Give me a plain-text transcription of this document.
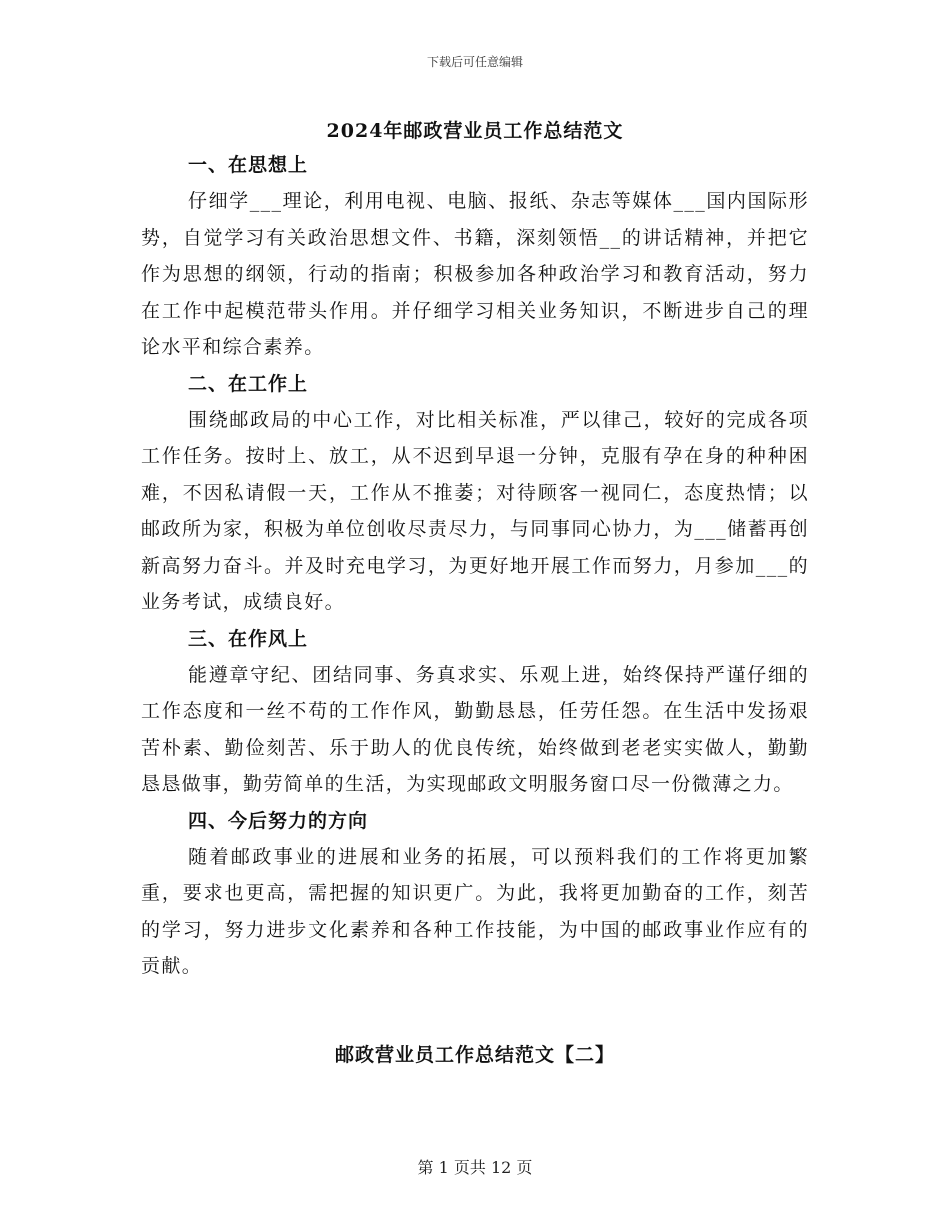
下载后可任意编辑
2024年邮政营业员工作总结范文
一、在思想上

仔细学___理论，利用电视、电脑、报纸、杂志等媒体___国内国际形势，自觉学习有关政治思想文件、书籍，深刻领悟__的讲话精神，并把它作为思想的纲领，行动的指南；积极参加各种政治学习和教育活动，努力在工作中起模范带头作用。并仔细学习相关业务知识，不断进步自己的理论水平和综合素养。

二、在工作上

围绕邮政局的中心工作，对比相关标准，严以律己，较好的完成各项工作任务。按时上、放工，从不迟到早退一分钟，克服有孕在身的种种困难，不因私请假一天，工作从不推萎；对待顾客一视同仁，态度热情；以邮政所为家，积极为单位创收尽责尽力，与同事同心协力，为___储蓄再创新高努力奋斗。并及时充电学习，为更好地开展工作而努力，月参加___的业务考试，成绩良好。

三、在作风上

能遵章守纪、团结同事、务真求实、乐观上进，始终保持严谨仔细的工作态度和一丝不苟的工作作风，勤勤恳恳，任劳任怨。在生活中发扬艰苦朴素、勤俭刻苦、乐于助人的优良传统，始终做到老老实实做人，勤勤恳恳做事，勤劳简单的生活，为实现邮政文明服务窗口尽一份微薄之力。

四、今后努力的方向

随着邮政事业的进展和业务的拓展，可以预料我们的工作将更加繁重，要求也更高，需把握的知识更广。为此，我将更加勤奋的工作，刻苦的学习，努力进步文化素养和各种工作技能，为中国的邮政事业作应有的贡献。

邮政营业员工作总结范文【二】
第 1 页共 12 页
